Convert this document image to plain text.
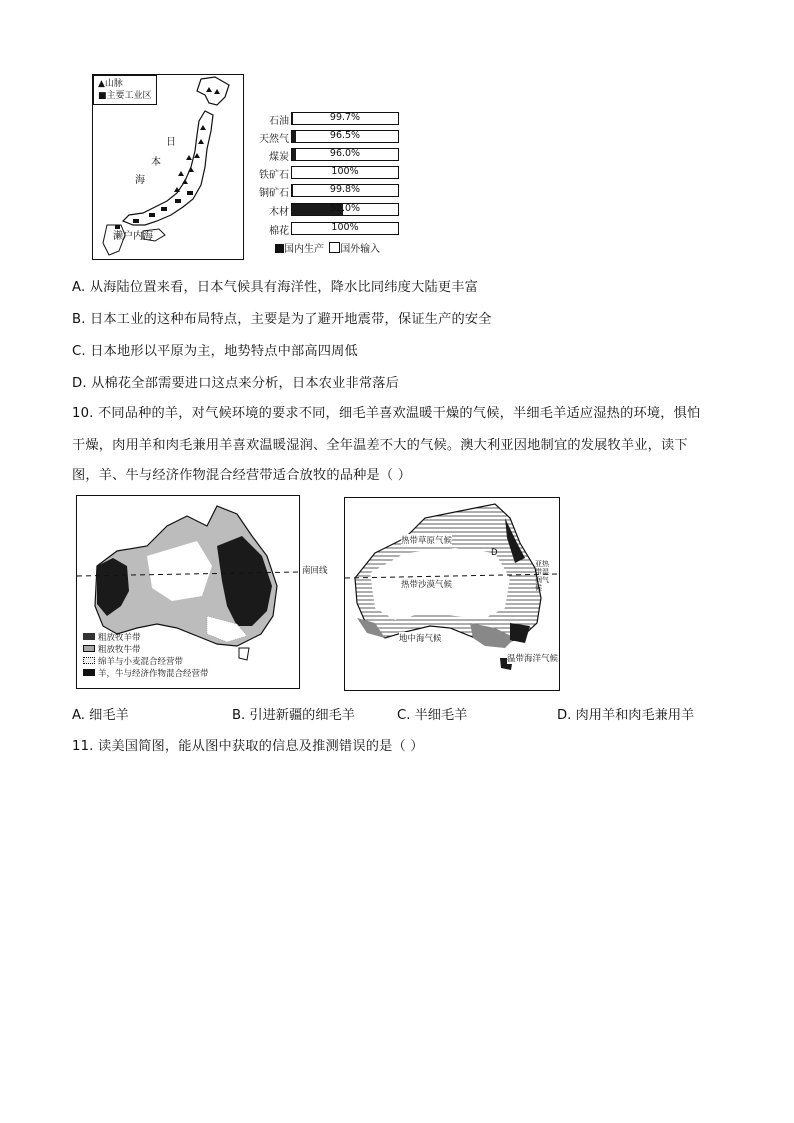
▲山脉
■主要工业区
日
本
海
濑户内海
石油	99.7%
天然气	96.5%
煤炭	96.0%
铁矿石	100%
铜矿石	99.8%
木材	52.0%
棉花	100%
国内生产 国外输入
A. 从海陆位置来看，日本气候具有海洋性，降水比同纬度大陆更丰富
B. 日本工业的这种布局特点，主要是为了避开地震带，保证生产的安全
C. 日本地形以平原为主，地势特点中部高四周低
D. 从棉花全部需要进口这点来分析，日本农业非常落后
10. 不同品种的羊，对气候环境的要求不同，细毛羊喜欢温暖干燥的气候，半细毛羊适应湿热的环境，惧怕
干燥，肉用羊和肉毛兼用羊喜欢温暖湿润、全年温差不大的气候。澳大利亚因地制宜的发展牧羊业，读下
图，羊、牛与经济作物混合经营带适合放牧的品种是（ ）
粗放牧羊带
粗放牧牛带
绵羊与小麦混合经营带
羊，牛与经济作物混合经营带
南回线
热带草原气候
热带沙漠气候
地中海气候
温带海洋气候
D
亚热带湿润气候
A. 细毛羊	B. 引进新疆的细毛羊	C. 半细毛羊	D. 肉用羊和肉毛兼用羊
11. 读美国简图，能从图中获取的信息及推测错误的是（ ）
